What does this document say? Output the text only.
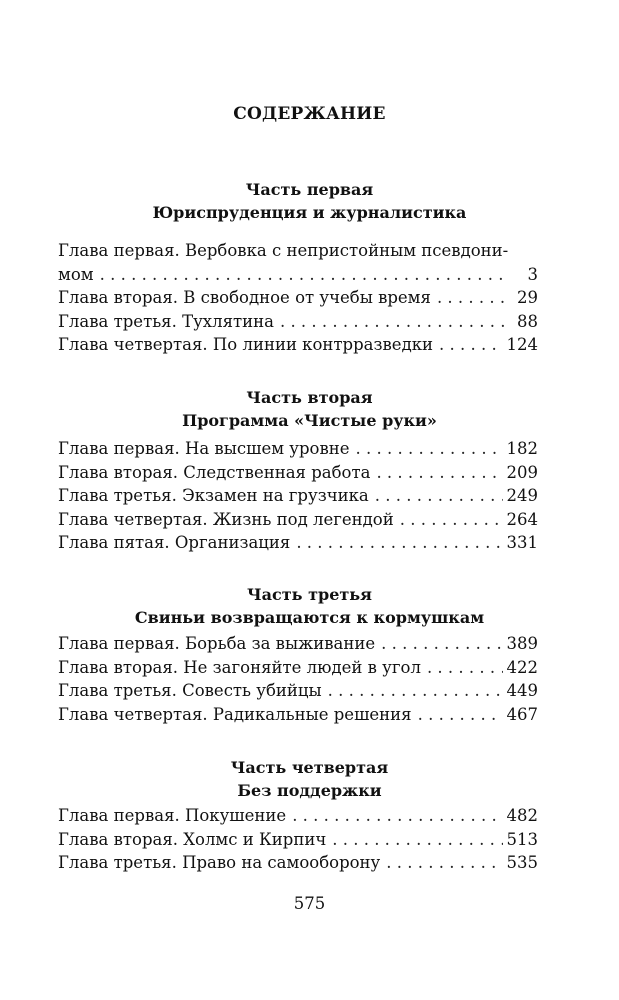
СОДЕРЖАНИЕ
Часть первая
Юриспруденция и журналистика
Глава первая. Вербовка с непристойным псевдони-
мом . . .	3
Глава вторая. В свободное от учебы время . . .	29
Глава третья. Тухлятина . . .	88
Глава четвертая. По линии контрразведки . . .	124
Часть вторая
Программа «Чистые руки»
Глава первая. На высшем уровне . . .	182
Глава вторая. Следственная работа . . .	209
Глава третья. Экзамен на грузчика . . .	249
Глава четвертая. Жизнь под легендой . . .	264
Глава пятая. Организация . . .	331
Часть третья
Свиньи возвращаются к кормушкам
Глава первая. Борьба за выживание . . .	389
Глава вторая. Не загоняйте людей в угол . . .	422
Глава третья. Совесть убийцы . . .	449
Глава четвертая. Радикальные решения . . .	467
Часть четвертая
Без поддержки
Глава первая. Покушение . . .	482
Глава вторая. Холмс и Кирпич . . .	513
Глава третья. Право на самооборону . . .	535
575
